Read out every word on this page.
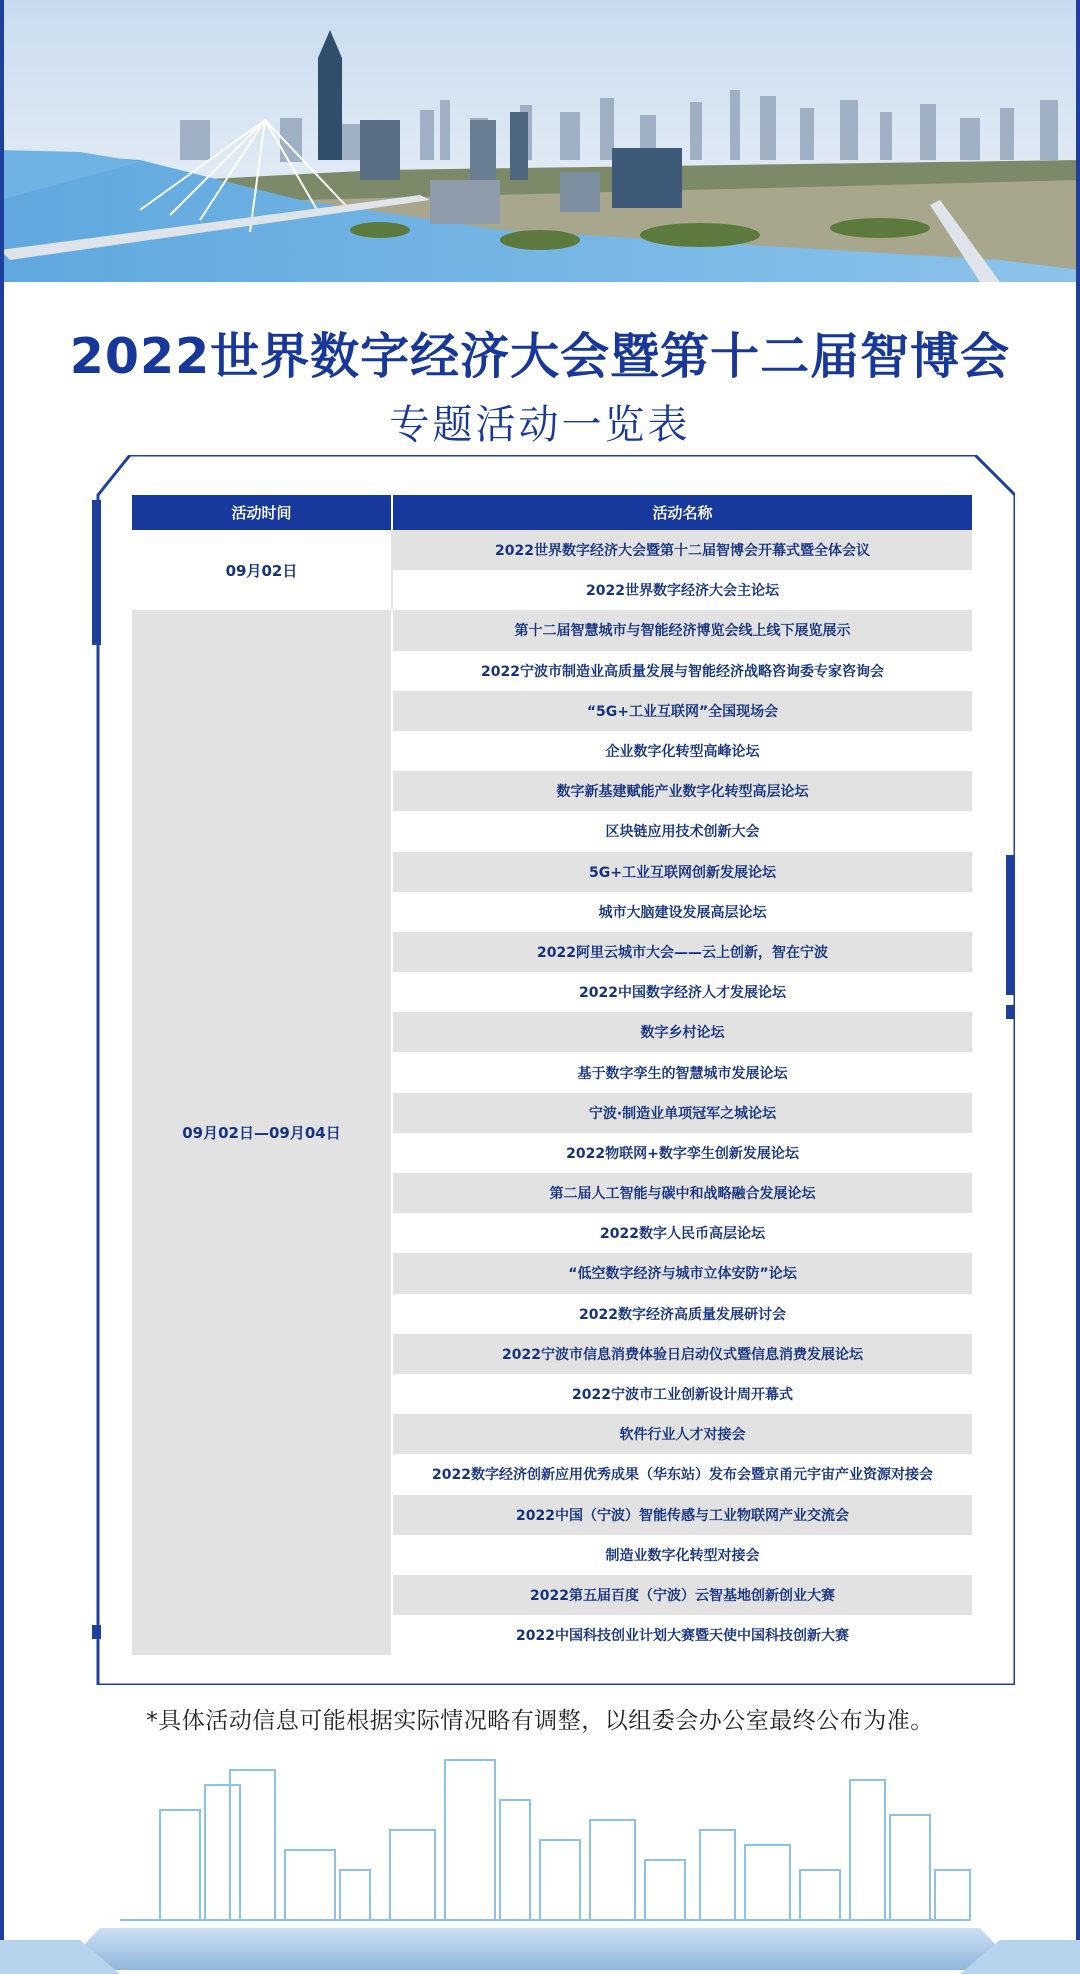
2022世界数字经济大会暨第十二届智博会
专题活动一览表
活动时间	活动名称
09月02日
2022世界数字经济大会暨第十二届智博会开幕式暨全体会议
2022世界数字经济大会主论坛
09月02日—09月04日
第十二届智慧城市与智能经济博览会线上线下展览展示
2022宁波市制造业高质量发展与智能经济战略咨询委专家咨询会
“5G+工业互联网”全国现场会
企业数字化转型高峰论坛
数字新基建赋能产业数字化转型高层论坛
区块链应用技术创新大会
5G+工业互联网创新发展论坛
城市大脑建设发展高层论坛
2022阿里云城市大会——云上创新，智在宁波
2022中国数字经济人才发展论坛
数字乡村论坛
基于数字孪生的智慧城市发展论坛
宁波·制造业单项冠军之城论坛
2022物联网+数字孪生创新发展论坛
第二届人工智能与碳中和战略融合发展论坛
2022数字人民币高层论坛
“低空数字经济与城市立体安防”论坛
2022数字经济高质量发展研讨会
2022宁波市信息消费体验日启动仪式暨信息消费发展论坛
2022宁波市工业创新设计周开幕式
软件行业人才对接会
2022数字经济创新应用优秀成果（华东站）发布会暨京甬元宇宙产业资源对接会
2022中国（宁波）智能传感与工业物联网产业交流会
制造业数字化转型对接会
2022第五届百度（宁波）云智基地创新创业大赛
2022中国科技创业计划大赛暨天使中国科技创新大赛
*具体活动信息可能根据实际情况略有调整，以组委会办公室最终公布为准。
